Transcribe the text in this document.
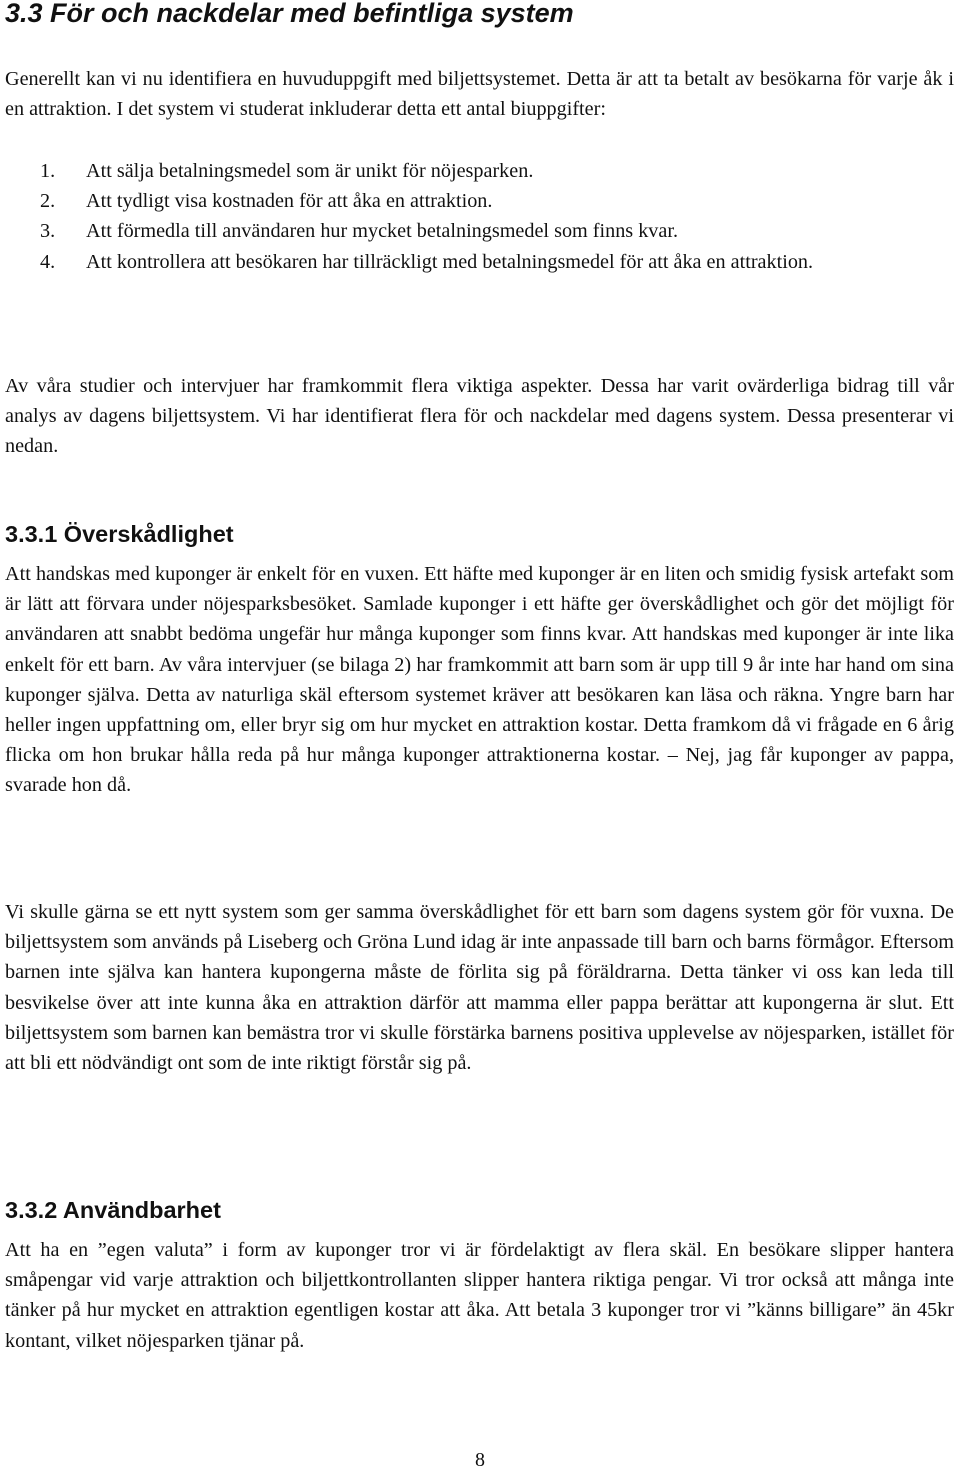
3.3 För och nackdelar med befintliga system

Generellt kan vi nu identifiera en huvuduppgift med biljettsystemet. Detta är att ta betalt av besökarna för varje åk i en attraktion. I det system vi studerat inkluderar detta ett antal biuppgifter:

1. Att sälja betalningsmedel som är unikt för nöjesparken.
2. Att tydligt visa kostnaden för att åka en attraktion.
3. Att förmedla till användaren hur mycket betalningsmedel som finns kvar.
4. Att kontrollera att besökaren har tillräckligt med betalningsmedel för att åka en attraktion.

Av våra studier och intervjuer har framkommit flera viktiga aspekter. Dessa har varit ovärderliga bidrag till vår analys av dagens biljettsystem. Vi har identifierat flera för och nackdelar med dagens system. Dessa presenterar vi nedan.

3.3.1 Överskådlighet

Att handskas med kuponger är enkelt för en vuxen. Ett häfte med kuponger är en liten och smidig fysisk artefakt som är lätt att förvara under nöjesparksbesöket. Samlade kuponger i ett häfte ger överskådlighet och gör det möjligt för användaren att snabbt bedöma ungefär hur många kuponger som finns kvar. Att handskas med kuponger är inte lika enkelt för ett barn. Av våra intervjuer (se bilaga 2) har framkommit att barn som är upp till 9 år inte har hand om sina kuponger själva. Detta av naturliga skäl eftersom systemet kräver att besökaren kan läsa och räkna. Yngre barn har heller ingen uppfattning om, eller bryr sig om hur mycket en attraktion kostar. Detta framkom då vi frågade en 6 årig flicka om hon brukar hålla reda på hur många kuponger attraktionerna kostar. – Nej, jag får kuponger av pappa, svarade hon då.

Vi skulle gärna se ett nytt system som ger samma överskådlighet för ett barn som dagens system gör för vuxna. De biljettsystem som används på Liseberg och Gröna Lund idag är inte anpassade till barn och barns förmågor. Eftersom barnen inte själva kan hantera kupongerna måste de förlita sig på föräldrarna. Detta tänker vi oss kan leda till besvikelse över att inte kunna åka en attraktion därför att mamma eller pappa berättar att kupongerna är slut. Ett biljettsystem som barnen kan bemästra tror vi skulle förstärka barnens positiva upplevelse av nöjesparken, istället för att bli ett nödvändigt ont som de inte riktigt förstår sig på.

3.3.2 Användbarhet

Att ha en ”egen valuta” i form av kuponger tror vi är fördelaktigt av flera skäl. En besökare slipper hantera småpengar vid varje attraktion och biljettkontrollanten slipper hantera riktiga pengar. Vi tror också att många inte tänker på hur mycket en attraktion egentligen kostar att åka. Att betala 3 kuponger tror vi ”känns billigare” än 45kr kontant, vilket nöjesparken tjänar på.

8
